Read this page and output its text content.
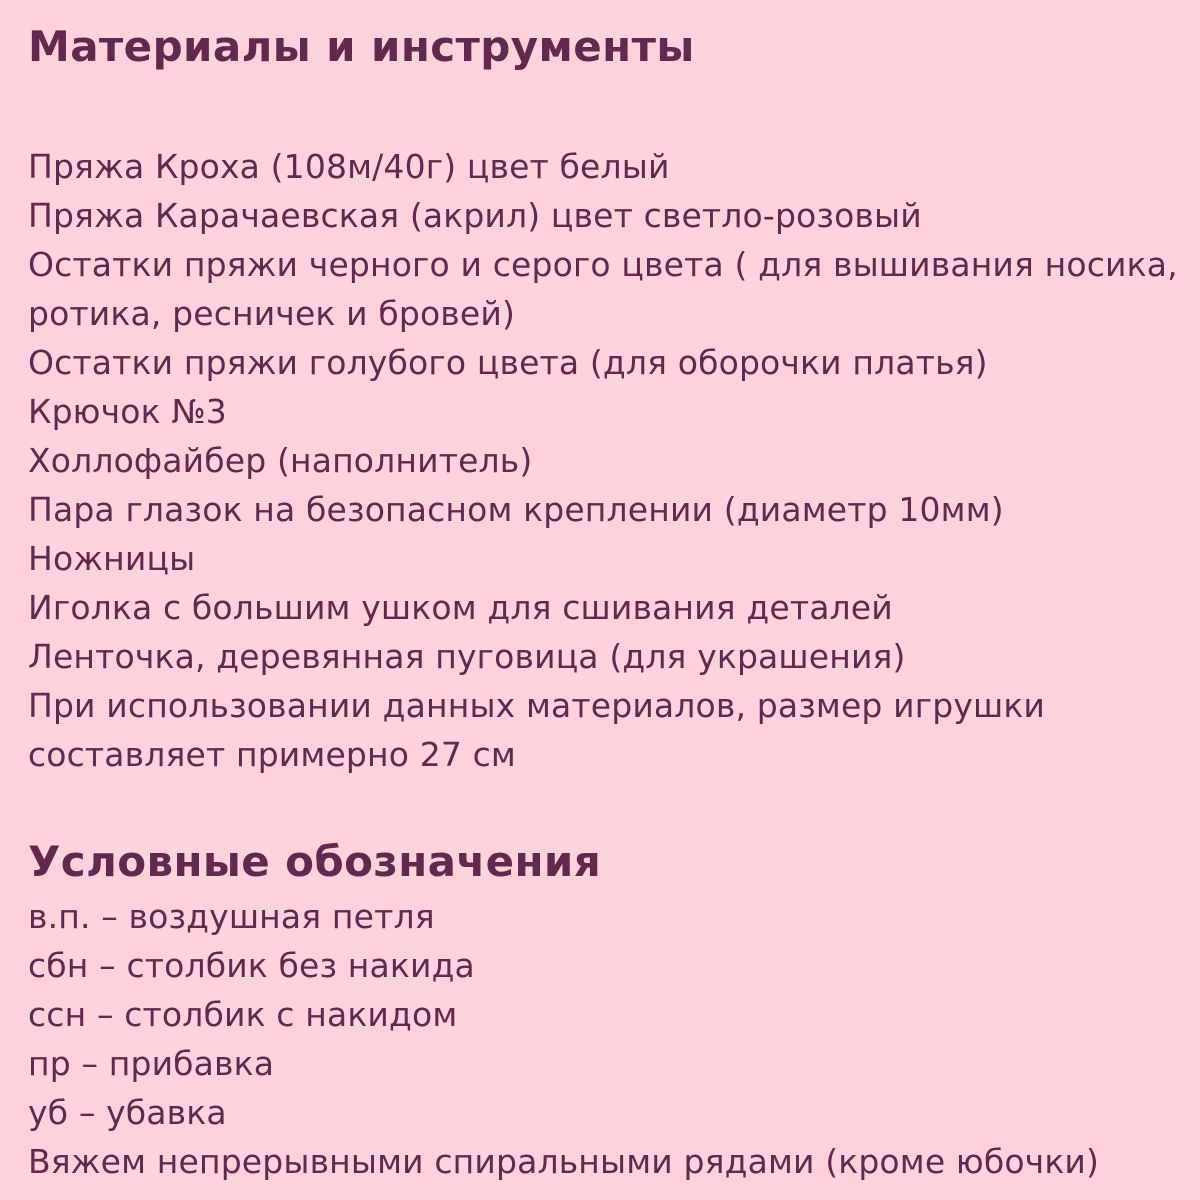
Материалы и инструменты

Пряжа Кроха (108м/40г) цвет белый

Пряжа Карачаевская (акрил) цвет светло-розовый

Остатки пряжи черного и серого цвета ( для вышивания носика,

ротика, ресничек и бровей)

Остатки пряжи голубого цвета (для оборочки платья)

Крючок №3

Холлофайбер (наполнитель)

Пара глазок на безопасном креплении (диаметр 10мм)

Ножницы

Иголка с большим ушком для сшивания деталей

Ленточка, деревянная пуговица (для украшения)

При использовании данных материалов, размер игрушки

составляет примерно 27 см

Условные обозначения

в.п. – воздушная петля

сбн – столбик без накида

ссн – столбик с накидом

пр – прибавка

уб – убавка

Вяжем непрерывными спиральными рядами (кроме юбочки)
